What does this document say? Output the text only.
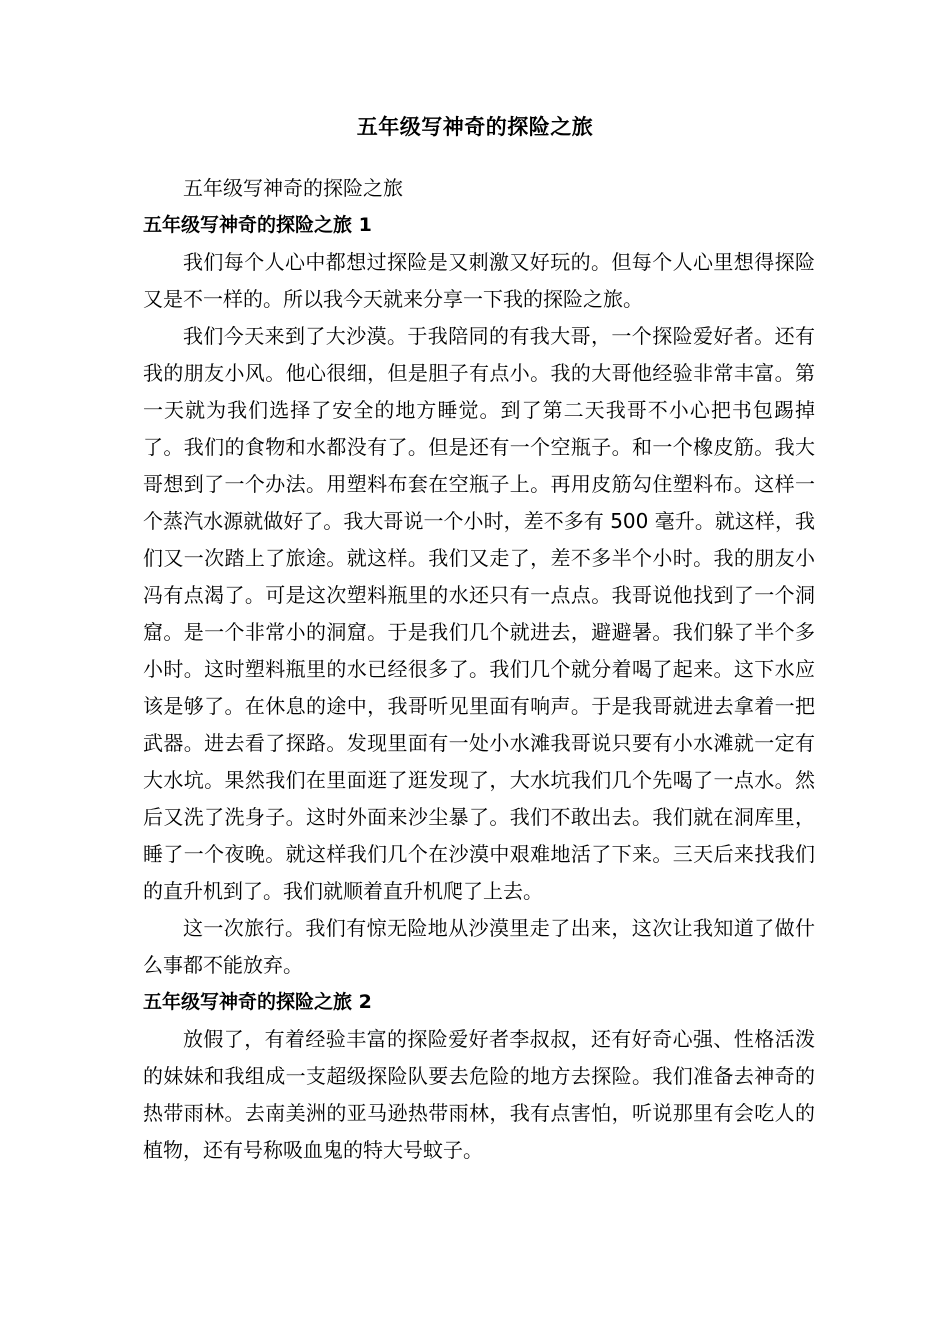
五年级写神奇的探险之旅

五年级写神奇的探险之旅

五年级写神奇的探险之旅 1

我们每个人心中都想过探险是又刺激又好玩的。但每个人心里想得探险又是不一样的。所以我今天就来分享一下我的探险之旅。

我们今天来到了大沙漠。于我陪同的有我大哥，一个探险爱好者。还有我的朋友小风。他心很细，但是胆子有点小。我的大哥他经验非常丰富。第一天就为我们选择了安全的地方睡觉。到了第二天我哥不小心把书包踢掉了。我们的食物和水都没有了。但是还有一个空瓶子。和一个橡皮筋。我大哥想到了一个办法。用塑料布套在空瓶子上。再用皮筋勾住塑料布。这样一个蒸汽水源就做好了。我大哥说一个小时，差不多有 500 毫升。就这样，我们又一次踏上了旅途。就这样。我们又走了，差不多半个小时。我的朋友小冯有点渴了。可是这次塑料瓶里的水还只有一点点。我哥说他找到了一个洞窟。是一个非常小的洞窟。于是我们几个就进去，避避暑。我们躲了半个多小时。这时塑料瓶里的水已经很多了。我们几个就分着喝了起来。这下水应该是够了。在休息的途中，我哥听见里面有响声。于是我哥就进去拿着一把武器。进去看了探路。发现里面有一处小水滩我哥说只要有小水滩就一定有大水坑。果然我们在里面逛了逛发现了，大水坑我们几个先喝了一点水。然后又洗了洗身子。这时外面来沙尘暴了。我们不敢出去。我们就在洞库里，睡了一个夜晚。就这样我们几个在沙漠中艰难地活了下来。三天后来找我们的直升机到了。我们就顺着直升机爬了上去。

这一次旅行。我们有惊无险地从沙漠里走了出来，这次让我知道了做什么事都不能放弃。

五年级写神奇的探险之旅 2

放假了，有着经验丰富的探险爱好者李叔叔，还有好奇心强、性格活泼的妹妹和我组成一支超级探险队要去危险的地方去探险。我们准备去神奇的热带雨林。去南美洲的亚马逊热带雨林，我有点害怕，听说那里有会吃人的植物，还有号称吸血鬼的特大号蚊子。
